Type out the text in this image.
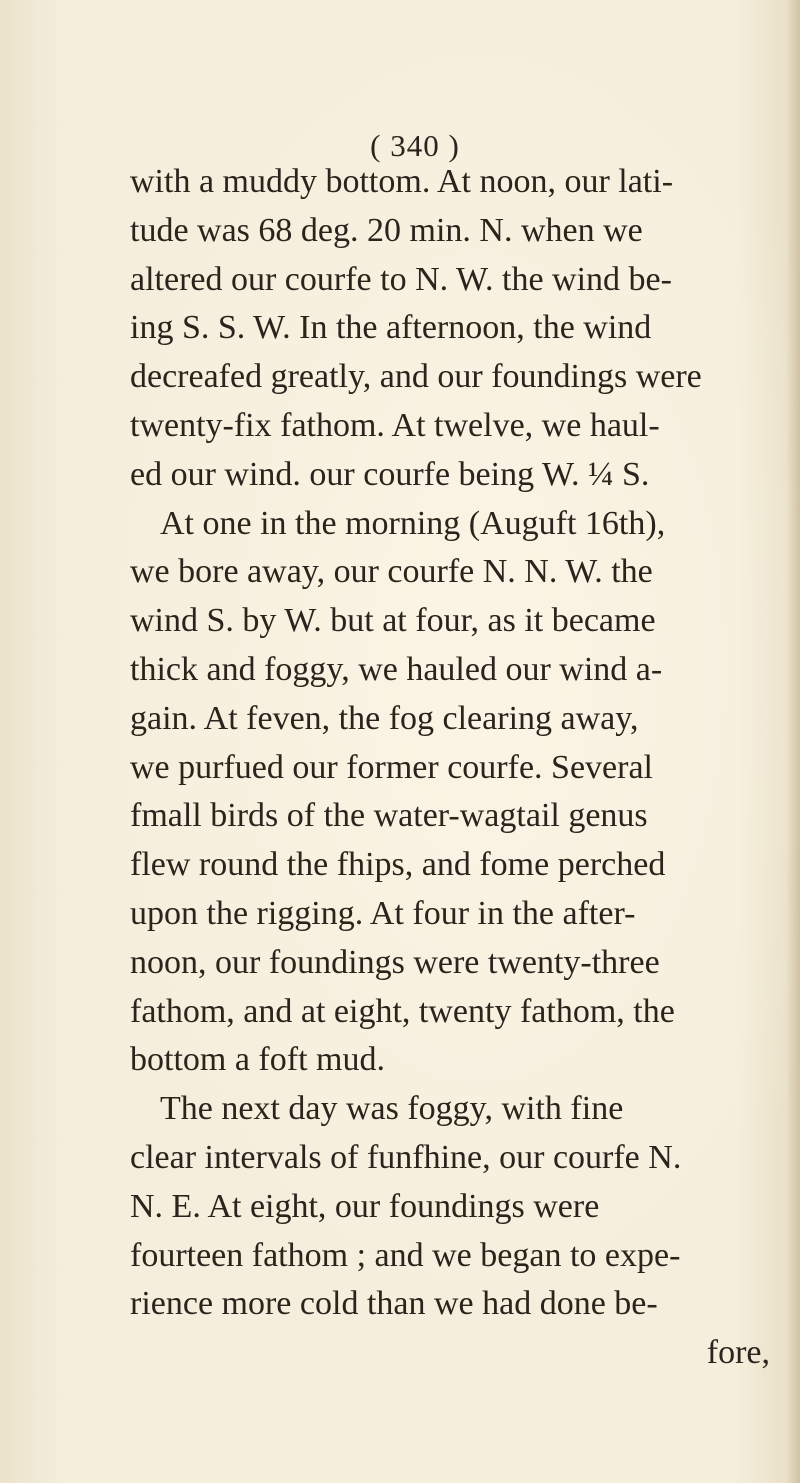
( 340 )
with a muddy bottom. At noon, our lati-
tude was 68 deg. 20 min. N. when we
altered our courfe to N. W. the wind be-
ing S. S. W. In the afternoon, the wind
decreafed greatly, and our foundings were
twenty-fix fathom. At twelve, we haul-
ed our wind. our courfe being W. ¼ S.
At one in the morning (Auguft 16th),
we bore away, our courfe N. N. W. the
wind S. by W. but at four, as it became
thick and foggy, we hauled our wind a-
gain. At feven, the fog clearing away,
we purfued our former courfe. Several
fmall birds of the water-wagtail genus
flew round the fhips, and fome perched
upon the rigging. At four in the after-
noon, our foundings were twenty-three
fathom, and at eight, twenty fathom, the
bottom a foft mud.
The next day was foggy, with fine
clear intervals of funfhine, our courfe N.
N. E. At eight, our foundings were
fourteen fathom ; and we began to expe-
rience more cold than we had done be-
fore,
